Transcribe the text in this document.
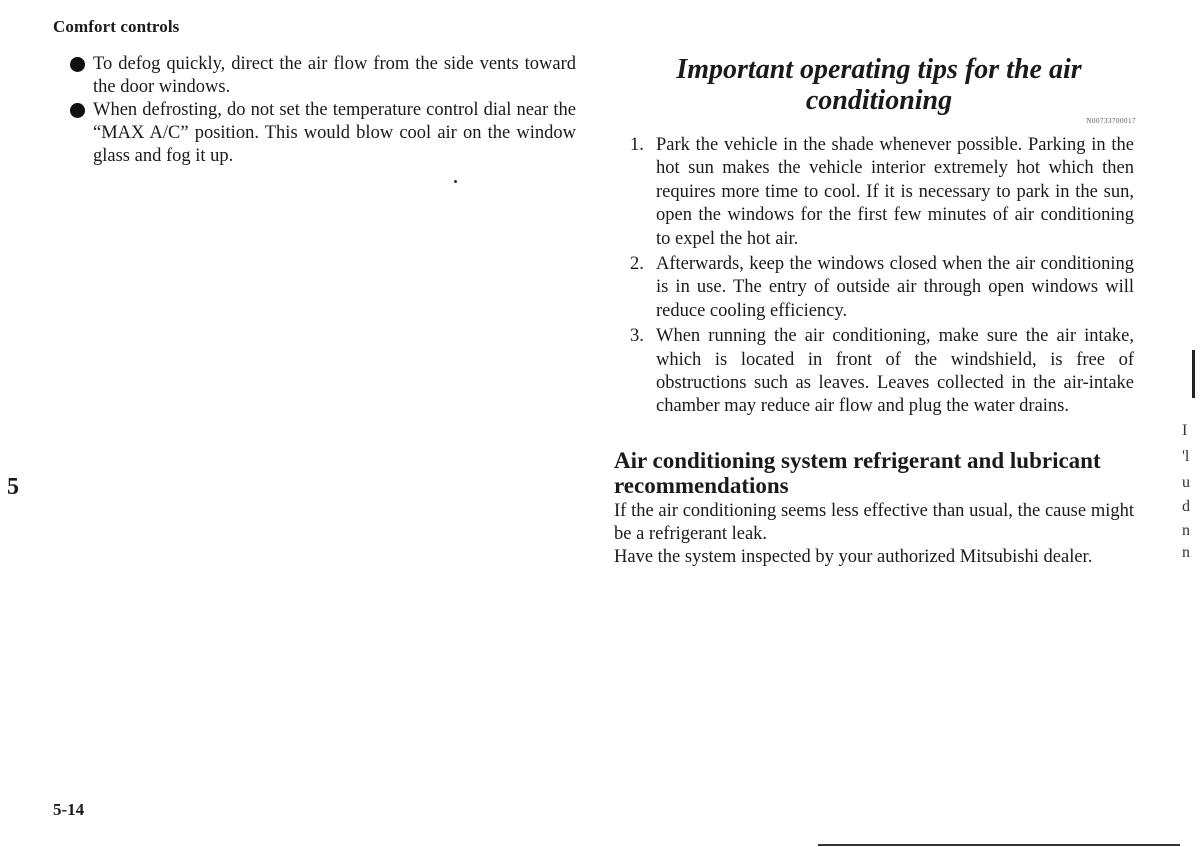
Comfort controls
To defog quickly, direct the air flow from the side vents toward the door windows.
When defrosting, do not set the temperature control dial near the “MAX A/C” position. This would blow cool air on the window glass and fog it up.
5
5-14
Important operating tips for the air conditioning
N00733700017
1. Park the vehicle in the shade whenever possible. Parking in the hot sun makes the vehicle interior extremely hot which then requires more time to cool. If it is necessary to park in the sun, open the windows for the first few minutes of air conditioning to expel the hot air.
2. Afterwards, keep the windows closed when the air conditioning is in use. The entry of outside air through open windows will reduce cooling efficiency.
3. When running the air conditioning, make sure the air intake, which is located in front of the windshield, is free of obstructions such as leaves. Leaves collected in the air-intake chamber may reduce air flow and plug the water drains.
Air conditioning system refrigerant and lubricant recommendations

If the air conditioning seems less effective than usual, the cause might be a refrigerant leak.

Have the system inspected by your authorized Mitsubishi dealer.

I
'l
u
d
n
n
